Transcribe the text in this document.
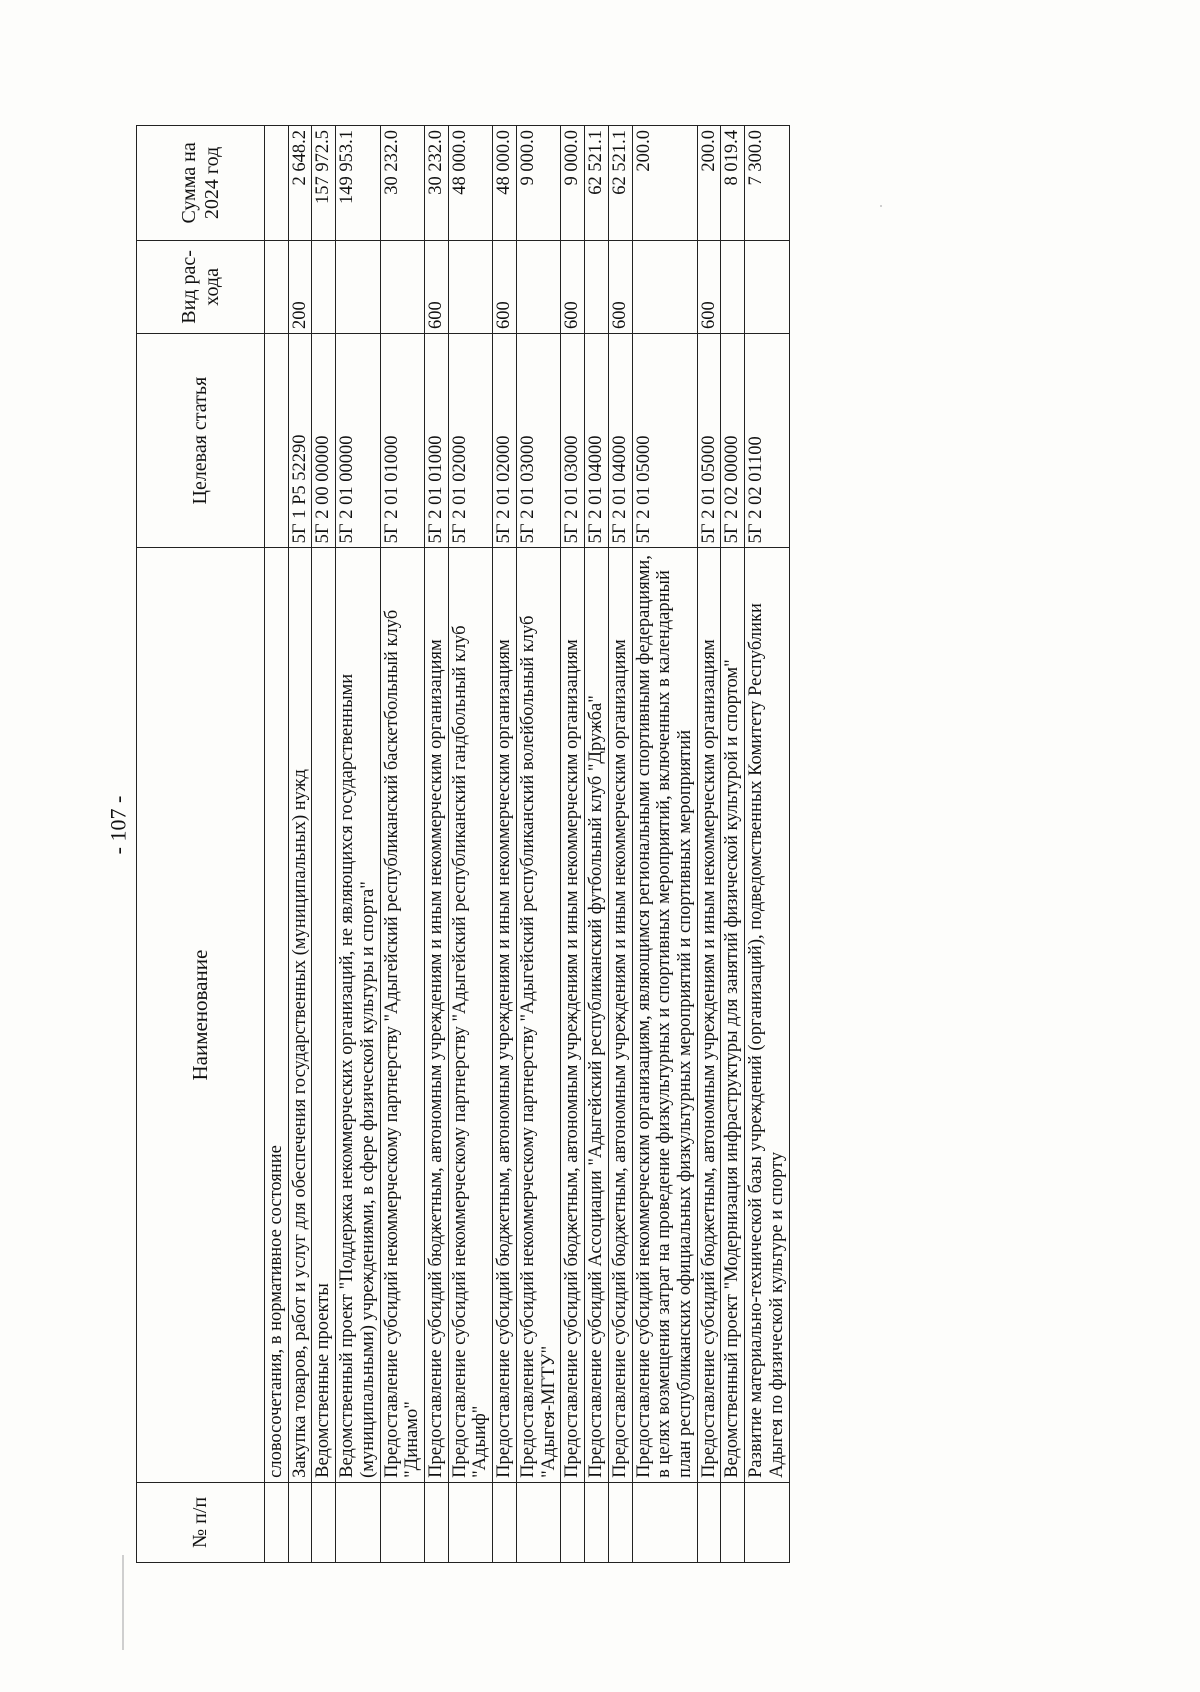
- 107 -
№ п/п	Наименование	Целевая статья	Вид рас-хода	Сумма на 2024 год
	словосочетания, в нормативное состояние			
	Закупка товаров, работ и услуг для обеспечения государственных (муниципальных) нужд	5Г 1 P5 52290	200	2 648.2
	Ведомственные проекты	5Г 2 00 00000		157 972.5
	Ведомственный проект "Поддержка некоммерческих организаций, не являющихся государственными (муниципальными) учреждениями, в сфере физической культуры и спорта"	5Г 2 01 00000		149 953.1
	Предоставление субсидий некоммерческому партнерству "Адыгейский республиканский баскетбольный клуб "Динамо"	5Г 2 01 01000		30 232.0
	Предоставление субсидий бюджетным, автономным учреждениям и иным некоммерческим организациям	5Г 2 01 01000	600	30 232.0
	Предоставление субсидий некоммерческому партнерству "Адыгейский республиканский гандбольный клуб "Адыиф"	5Г 2 01 02000		48 000.0
	Предоставление субсидий бюджетным, автономным учреждениям и иным некоммерческим организациям	5Г 2 01 02000	600	48 000.0
	Предоставление субсидий некоммерческому партнерству "Адыгейский республиканский волейбольный клуб "Адыгея-МГТУ"	5Г 2 01 03000		9 000.0
	Предоставление субсидий бюджетным, автономным учреждениям и иным некоммерческим организациям	5Г 2 01 03000	600	9 000.0
	Предоставление субсидий Ассоциации "Адыгейский республиканский футбольный клуб "Дружба"	5Г 2 01 04000		62 521.1
	Предоставление субсидий бюджетным, автономным учреждениям и иным некоммерческим организациям	5Г 2 01 04000	600	62 521.1
	Предоставление субсидий некоммерческим организациям, являющимся региональными спортивными федерациями, в целях возмещения затрат на проведение физкультурных и спортивных мероприятий, включенных в календарный план республиканских официальных физкультурных мероприятий и спортивных мероприятий	5Г 2 01 05000		200.0
	Предоставление субсидий бюджетным, автономным учреждениям и иным некоммерческим организациям	5Г 2 01 05000	600	200.0
	Ведомственный проект "Модернизация инфраструктуры для занятий физической культурой и спортом"	5Г 2 02 00000		8 019.4
	Развитие материально-технической базы учреждений (организаций), подведомственных Комитету Республики Адыгея по физической культуре и спорту	5Г 2 02 01100		7 300.0
